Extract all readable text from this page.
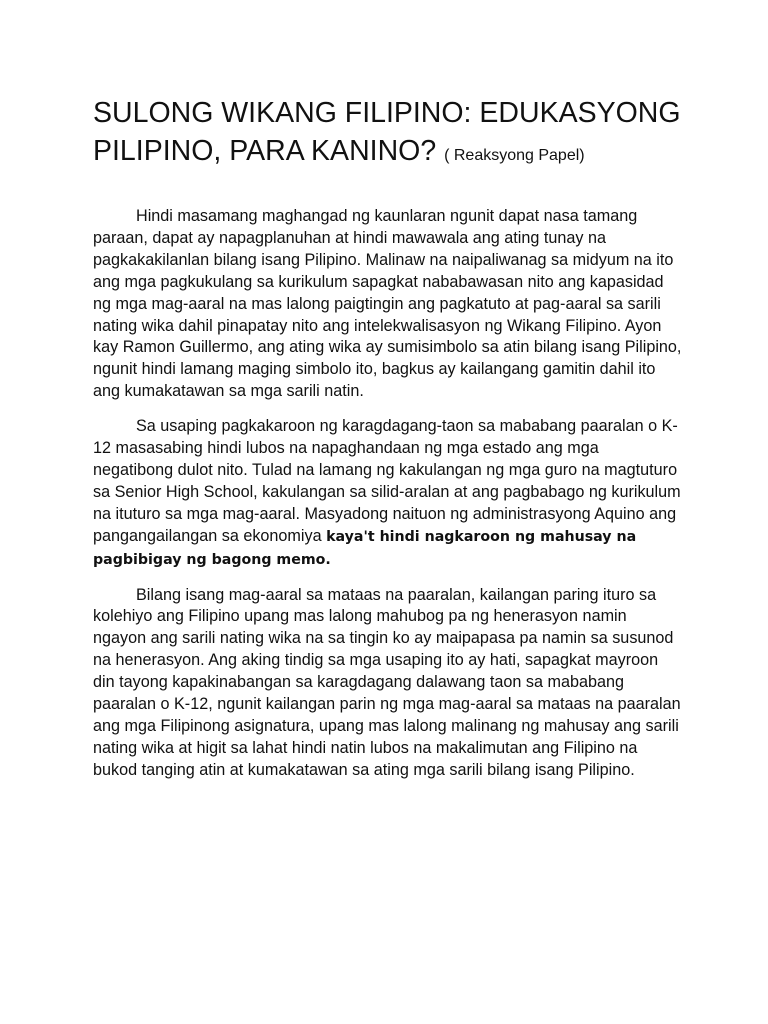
SULONG WIKANG FILIPINO: EDUKASYONG PILIPINO, PARA KANINO? ( Reaksyong Papel)

Hindi masamang maghangad ng kaunlaran ngunit dapat nasa tamang paraan, dapat ay napagplanuhan at hindi mawawala ang ating tunay na pagkakakilanlan bilang isang Pilipino. Malinaw na naipaliwanag sa midyum na ito ang mga pagkukulang sa kurikulum sapagkat nababawasan nito ang kapasidad ng mga mag-aaral na mas lalong paigtingin ang pagkatuto at pag-aaral sa sarili nating wika dahil pinapatay nito ang intelekwalisasyon ng Wikang Filipino. Ayon kay Ramon Guillermo, ang ating wika ay sumisimbolo sa atin bilang isang Pilipino, ngunit hindi lamang maging simbolo ito, bagkus ay kailangang gamitin dahil ito ang kumakatawan sa mga sarili natin.

Sa usaping pagkakaroon ng karagdagang-taon sa mababang paaralan o K-12 masasabing hindi lubos na napaghandaan ng mga estado ang mga negatibong dulot nito. Tulad na lamang ng kakulangan ng mga guro na magtuturo sa Senior High School, kakulangan sa silid-aralan at ang pagbabago ng kurikulum na ituturo sa mga mag-aaral. Masyadong naituon ng administrasyong Aquino ang pangangailangan sa ekonomiya kaya't hindi nagkaroon ng mahusay na pagbibigay ng bagong memo.

Bilang isang mag-aaral sa mataas na paaralan, kailangan paring ituro sa kolehiyo ang Filipino upang mas lalong mahubog pa ng henerasyon namin ngayon ang sarili nating wika na sa tingin ko ay maipapasa pa namin sa susunod na henerasyon. Ang aking tindig sa mga usaping ito ay hati, sapagkat mayroon din tayong kapakinabangan sa karagdagang dalawang taon sa mababang paaralan o K-12, ngunit kailangan parin ng mga mag-aaral sa mataas na paaralan ang mga Filipinong asignatura, upang mas lalong malinang ng mahusay ang sarili nating wika at higit sa lahat hindi natin lubos na makalimutan ang Filipino na bukod tanging atin at kumakatawan sa ating mga sarili bilang isang Pilipino.
